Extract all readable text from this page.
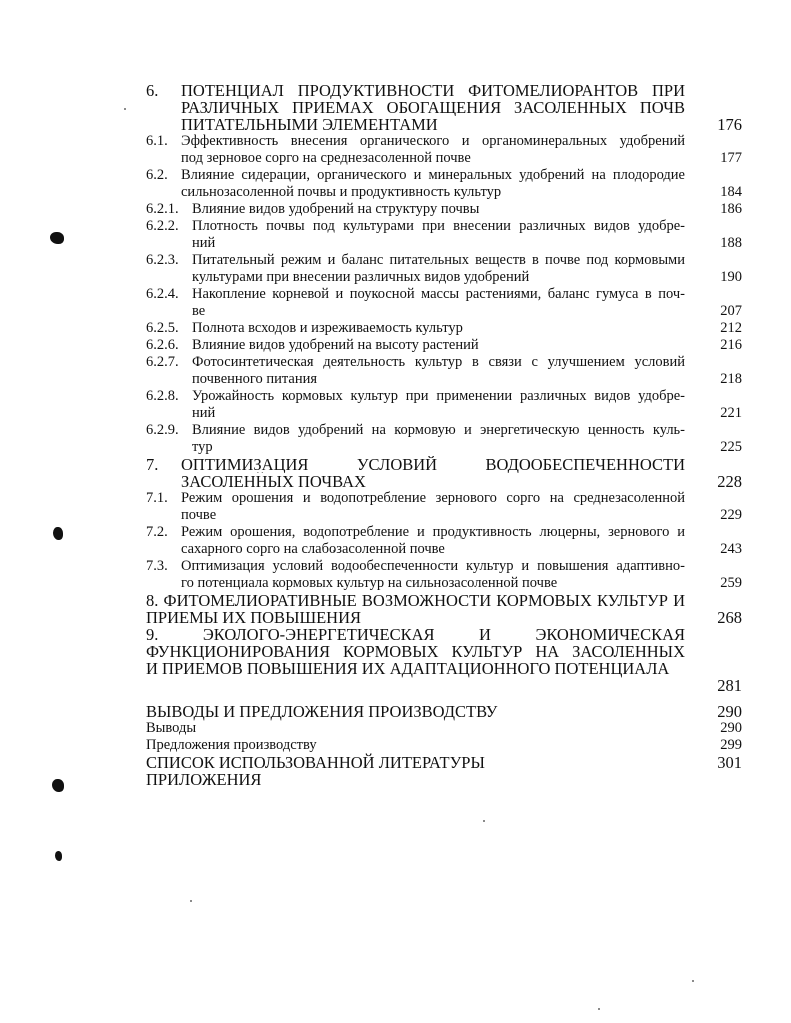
6. ПОТЕНЦИАЛ ПРОДУКТИВНОСТИ ФИТОМЕЛИОРАНТОВ ПРИ
РАЗЛИЧНЫХ ПРИЕМАХ ОБОГАЩЕНИЯ ЗАСОЛЕННЫХ ПОЧВ
ПИТАТЕЛЬНЫМИ ЭЛЕМЕНТАМИ	176
6.1. Эффективность внесения органического и органоминеральных удобрений
под зерновое сорго на среднезасоленной почве	177
6.2. Влияние сидерации, органического и минеральных удобрений на плодородие
сильнозасоленной почвы и продуктивность культур	184
6.2.1. Влияние видов удобрений на структуру почвы	186
6.2.2. Плотность почвы под культурами при внесении различных видов удобре-
ний	188
6.2.3. Питательный режим и баланс питательных веществ в почве под кормовыми
культурами при внесении различных видов удобрений	190
6.2.4. Накопление корневой и поукосной массы растениями, баланс гумуса в поч-
ве	207
6.2.5. Полнота всходов и изреживаемость культур	212
6.2.6. Влияние видов удобрений на высоту растений	216
6.2.7. Фотосинтетическая деятельность культур в связи с улучшением условий
почвенного питания	218
6.2.8. Урожайность кормовых культур при применении различных видов удобре-
ний	221
6.2.9. Влияние видов удобрений на кормовую и энергетическую ценность куль-
тур	225
7. ОПТИМИЗАЦИЯ УСЛОВИЙ ВОДООБЕСПЕЧЕННОСТИ
ЗАСОЛЕННЫХ ПОЧВАХ	228
7.1. Режим орошения и водопотребление зернового сорго на среднезасоленной
почве	229
7.2. Режим орошения, водопотребление и продуктивность люцерны, зернового и
сахарного сорго на слабозасоленной почве	243
7.3. Оптимизация условий водообеспеченности культур и повышения адаптивно-
го потенциала кормовых культур на сильнозасоленной почве	259
8. ФИТОМЕЛИОРАТИВНЫЕ ВОЗМОЖНОСТИ КОРМОВЫХ КУЛЬТУР И
ПРИЕМЫ ИХ ПОВЫШЕНИЯ	268
9. ЭКОЛОГО-ЭНЕРГЕТИЧЕСКАЯ И ЭКОНОМИЧЕСКАЯ
ФУНКЦИОНИРОВАНИЯ КОРМОВЫХ КУЛЬТУР НА ЗАСОЛЕННЫХ
И ПРИЕМОВ ПОВЫШЕНИЯ ИХ АДАПТАЦИОННОГО ПОТЕНЦИАЛА
281
ВЫВОДЫ И ПРЕДЛОЖЕНИЯ ПРОИЗВОДСТВУ	290
Выводы	290
Предложения производству	299
СПИСОК ИСПОЛЬЗОВАННОЙ ЛИТЕРАТУРЫ	301
ПРИЛОЖЕНИЯ
